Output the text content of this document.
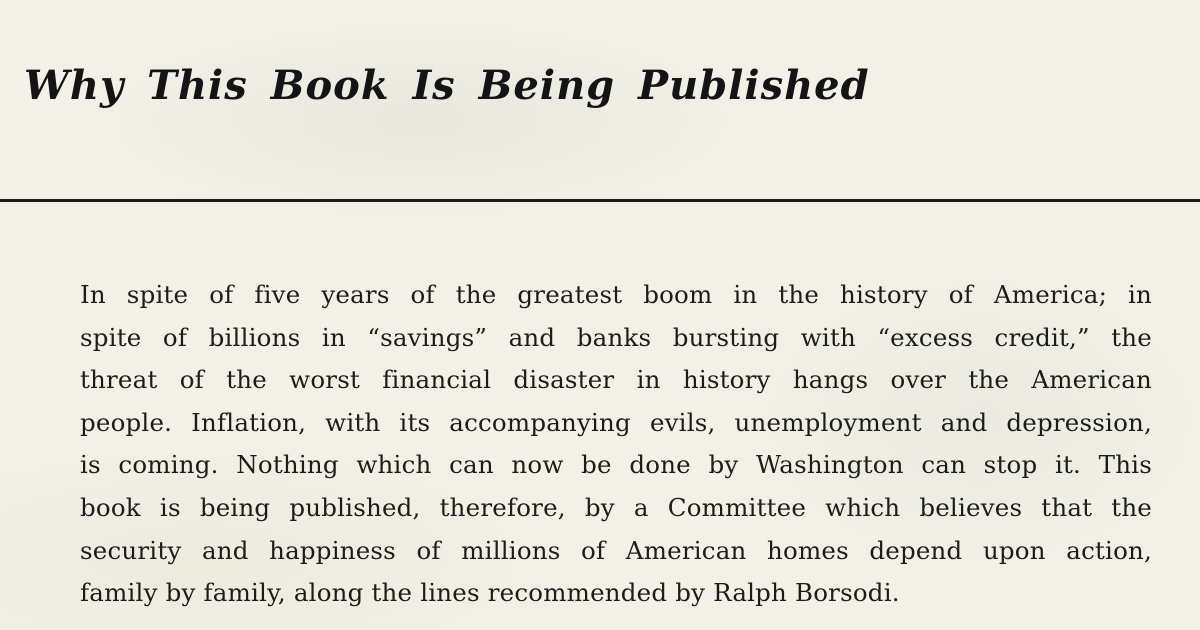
Why This Book Is Being Published
In spite of five years of the greatest boom in the history of America; in
spite of billions in “savings” and banks bursting with “excess credit,” the
threat of the worst financial disaster in history hangs over the American
people. Inflation, with its accompanying evils, unemployment and depression,
is coming. Nothing which can now be done by Washington can stop it. This
book is being published, therefore, by a Committee which believes that the
security and happiness of millions of American homes depend upon action,
family by family, along the lines recommended by Ralph Borsodi.
